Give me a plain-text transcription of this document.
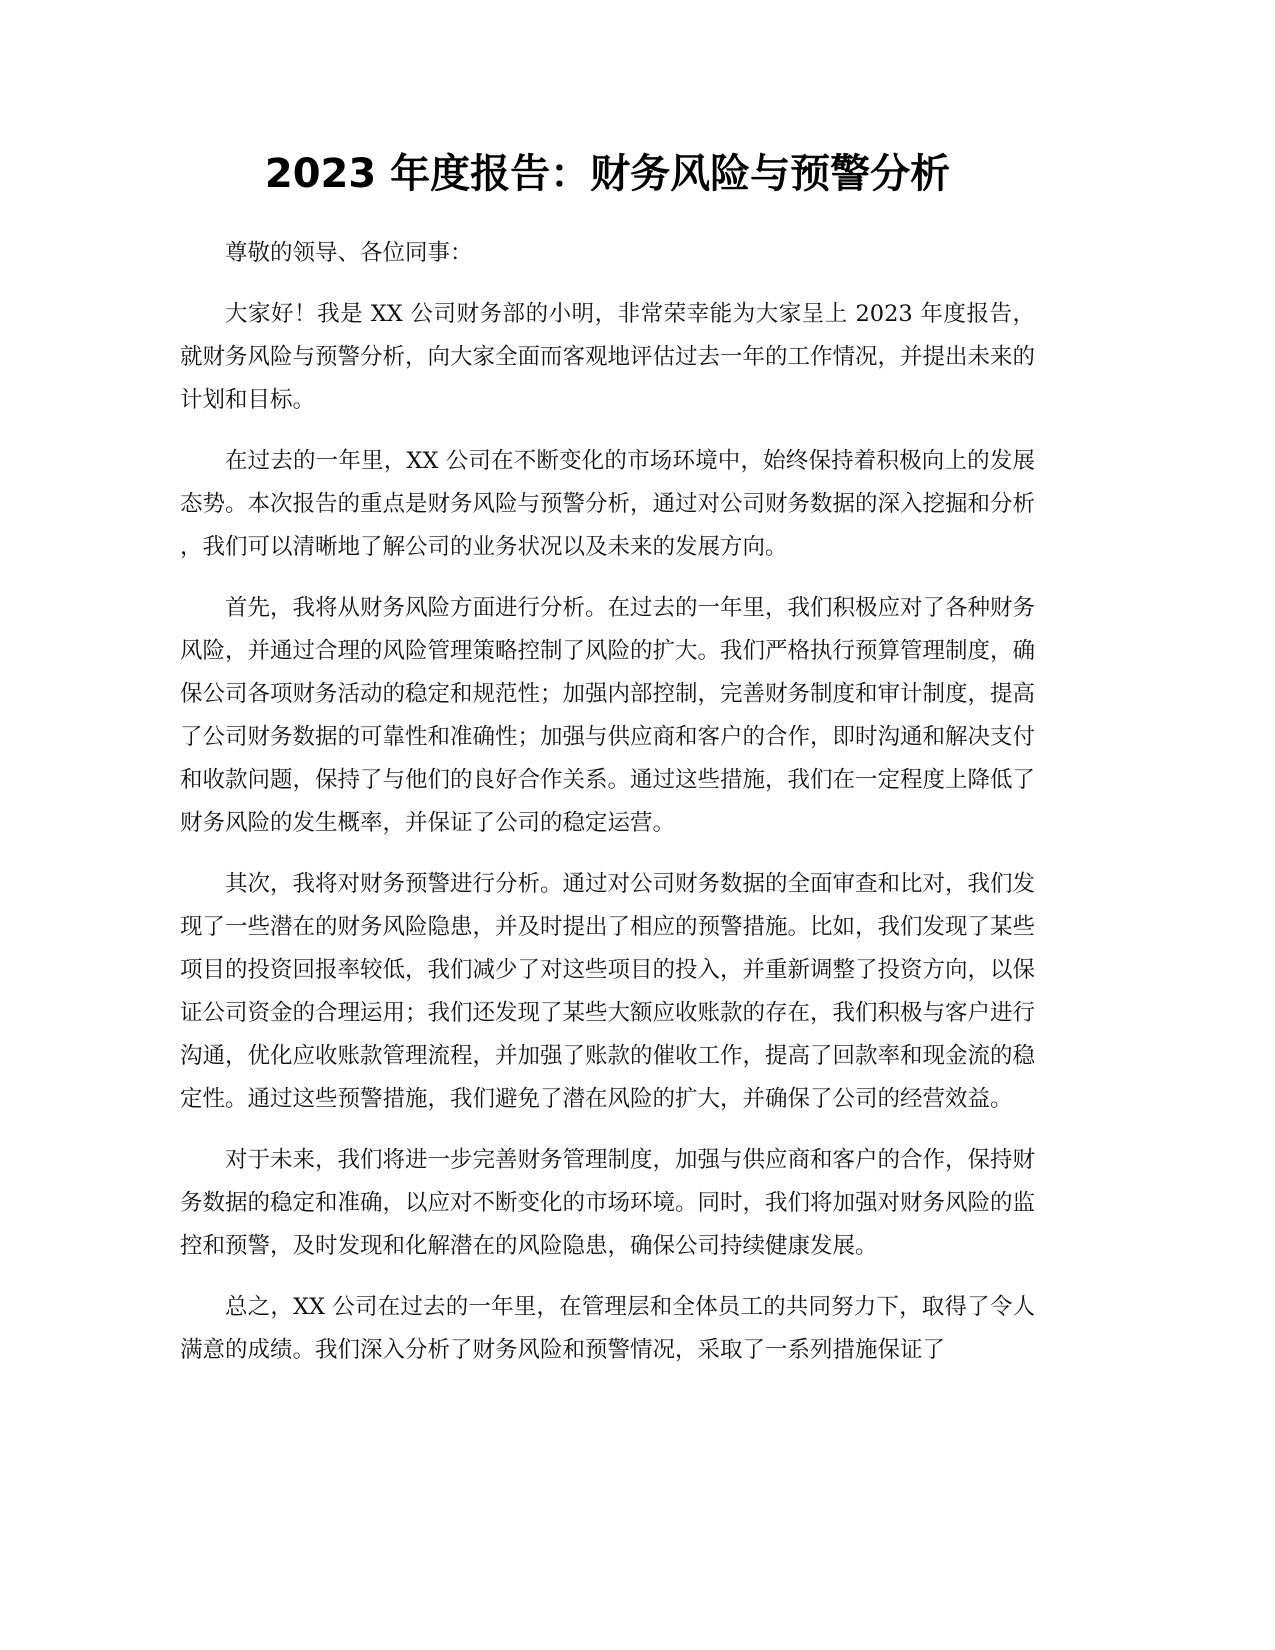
2023 年度报告：财务风险与预警分析

尊敬的领导、各位同事：

大家好！我是 XX 公司财务部的小明，非常荣幸能为大家呈上 2023 年度报告，就财务风险与预警分析，向大家全面而客观地评估过去一年的工作情况，并提出未来的计划和目标。

在过去的一年里，XX 公司在不断变化的市场环境中，始终保持着积极向上的发展态势。本次报告的重点是财务风险与预警分析，通过对公司财务数据的深入挖掘和分析，我们可以清晰地了解公司的业务状况以及未来的发展方向。

首先，我将从财务风险方面进行分析。在过去的一年里，我们积极应对了各种财务风险，并通过合理的风险管理策略控制了风险的扩大。我们严格执行预算管理制度，确保公司各项财务活动的稳定和规范性；加强内部控制，完善财务制度和审计制度，提高了公司财务数据的可靠性和准确性；加强与供应商和客户的合作，即时沟通和解决支付和收款问题，保持了与他们的良好合作关系。通过这些措施，我们在一定程度上降低了财务风险的发生概率，并保证了公司的稳定运营。

其次，我将对财务预警进行分析。通过对公司财务数据的全面审查和比对，我们发现了一些潜在的财务风险隐患，并及时提出了相应的预警措施。比如，我们发现了某些项目的投资回报率较低，我们减少了对这些项目的投入，并重新调整了投资方向，以保证公司资金的合理运用；我们还发现了某些大额应收账款的存在，我们积极与客户进行沟通，优化应收账款管理流程，并加强了账款的催收工作，提高了回款率和现金流的稳定性。通过这些预警措施，我们避免了潜在风险的扩大，并确保了公司的经营效益。

对于未来，我们将进一步完善财务管理制度，加强与供应商和客户的合作，保持财务数据的稳定和准确，以应对不断变化的市场环境。同时，我们将加强对财务风险的监控和预警，及时发现和化解潜在的风险隐患，确保公司持续健康发展。

总之，XX 公司在过去的一年里，在管理层和全体员工的共同努力下，取得了令人满意的成绩。我们深入分析了财务风险和预警情况，采取了一系列措施保证了
